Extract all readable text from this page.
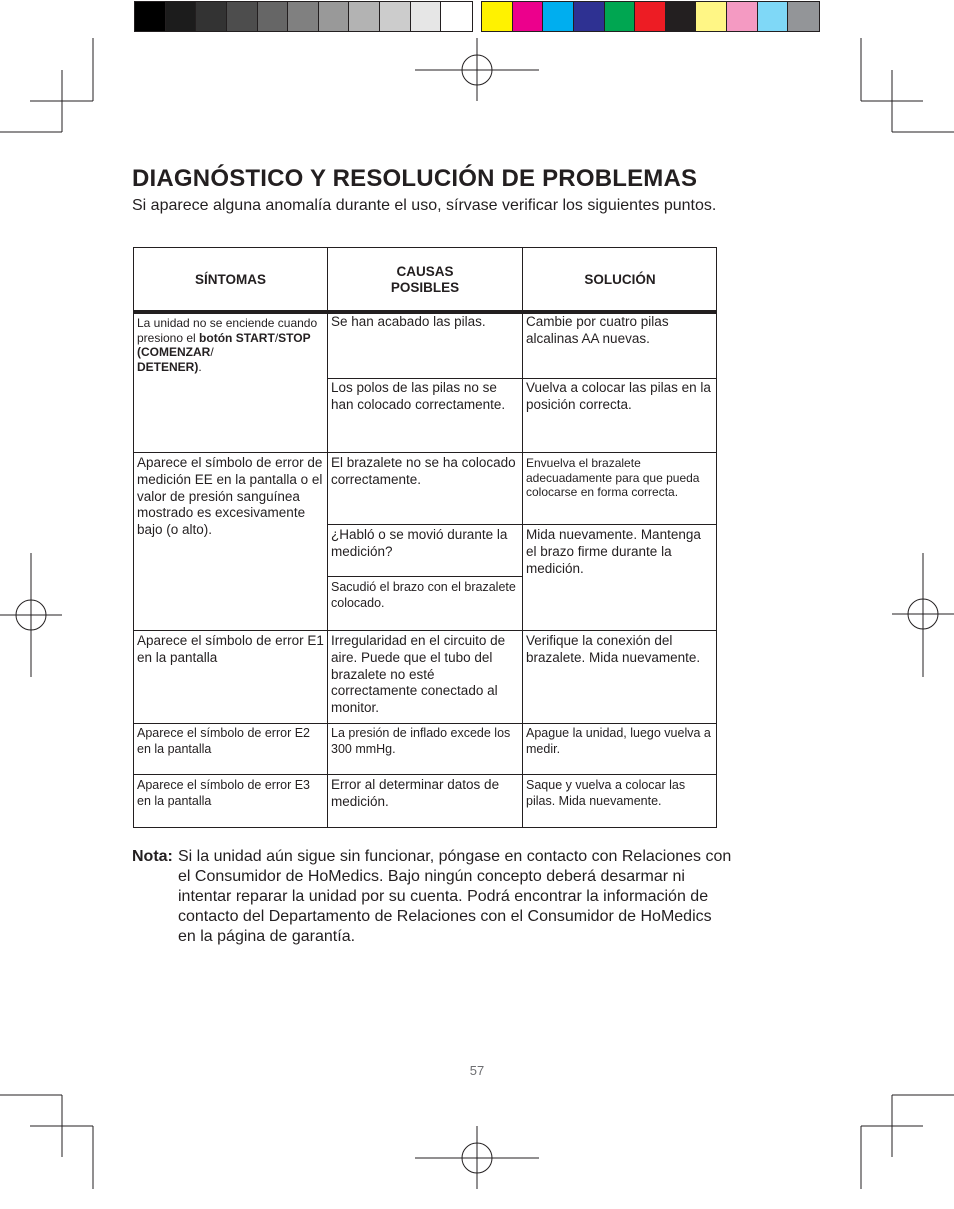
DIAGNÓSTICO Y RESOLUCIÓN DE PROBLEMAS

Si aparece alguna anomalía durante el uso, sírvase verificar los siguientes puntos.

SÍNTOMAS
CAUSAS
POSIBLES
SOLUCIÓN
La unidad no se enciende cuando presiono el botón START/STOP (COMENZAR/
DETENER).
Se han acabado las pilas.	Cambie por cuatro pilas alcalinas AA nuevas.
Los polos de las pilas no se han colocado correctamente.
Vuelva a colocar las pilas en la posición correcta.
Aparece el símbolo de error de medición EE en la pantalla o el valor de presión sanguínea mostrado es excesivamente bajo (o alto).
El brazalete no se ha colocado correctamente.
Envuelva el brazalete adecuadamente para que pueda colocarse en forma correcta.
¿Habló o se movió durante la medición?
Mida nuevamente. Mantenga el brazo firme durante la medición.
Sacudió el brazo con el brazalete colocado.
Aparece el símbolo de error E1 en la pantalla
Irregularidad en el circuito de aire. Puede que el tubo del brazalete no esté correctamente conectado al monitor.
Verifique la conexión del brazalete. Mida nuevamente.
Aparece el símbolo de error E2 en la pantalla
La presión de inflado excede los 300 mmHg.
Apague la unidad, luego vuelva a medir.
Aparece el símbolo de error E3 en la pantalla
Error al determinar datos de medición.
Saque y vuelva a colocar las pilas. Mida nuevamente.
Nota: Si la unidad aún sigue sin funcionar, póngase en contacto con Relaciones con el Consumidor de HoMedics. Bajo ningún concepto deberá desarmar ni intentar reparar la unidad por su cuenta. Podrá encontrar la información de contacto del Departamento de Relaciones con el Consumidor de HoMedics en la página de garantía.
57
